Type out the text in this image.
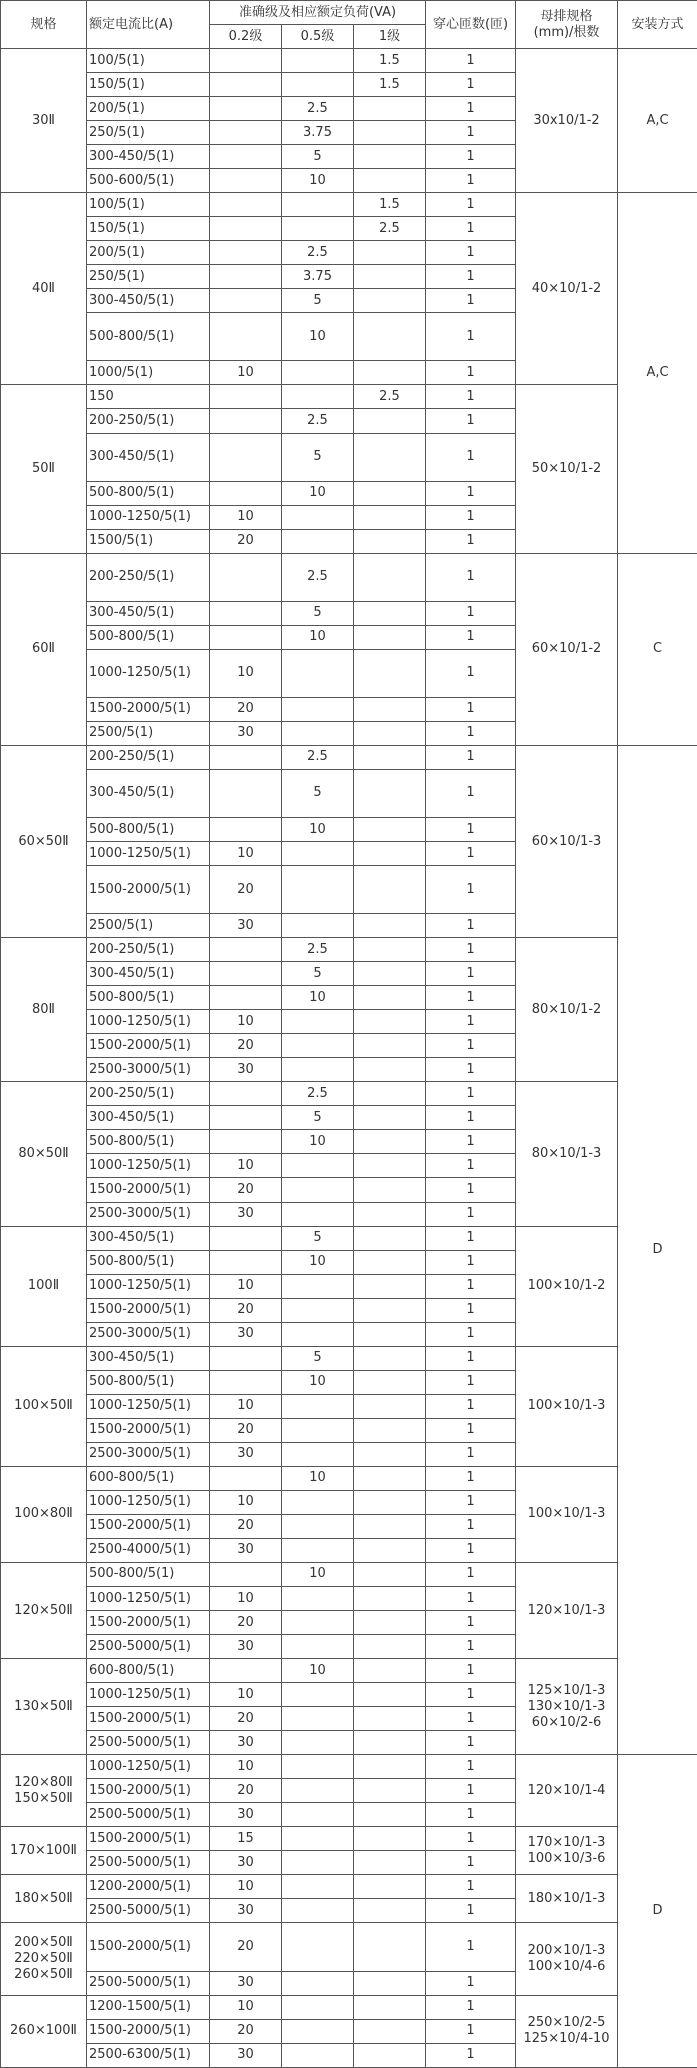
规格	额定电流比(A)	准确级及相应额定负荷(VA)			穿心匝数(匝)	母排规格
(mm)/根数	安装方式
		0.2级	0.5级	1级			

30Ⅱ	100/5(1)			1.5	1	30x10/1-2	A,C
	150/5(1)			1.5	1		
	200/5(1)		2.5		1		
	250/5(1)		3.75		1		
	300-450/5(1)		5		1		
	500-600/5(1)		10		1		

40Ⅱ	100/5(1)			1.5	1	40×10/1-2	A,C
	150/5(1)			2.5	1		
	200/5(1)		2.5		1		
	250/5(1)		3.75		1		
	300-450/5(1)		5		1		
	500-800/5(1)		10		1		
	1000/5(1)	10			1		

50Ⅱ	150			2.5	1	50×10/1-2	

	200-250/5(1)		2.5		1		
	300-450/5(1)		5		1		
	500-800/5(1)		10		1		
	1000-1250/5(1)	10			1		
	1500/5(1)	20			1		

60Ⅱ	200-250/5(1)		2.5		1	60×10/1-2	C
	300-450/5(1)		5		1		
	500-800/5(1)		10		1		
	1000-1250/5(1)	10			1		
	1500-2000/5(1)	20			1		
	2500/5(1)	30			1		

60×50Ⅱ	200-250/5(1)		2.5		1	60×10/1-3	D
	300-450/5(1)		5		1		
	500-800/5(1)		10		1		
	1000-1250/5(1)	10			1		
	1500-2000/5(1)	20			1		
	2500/5(1)	30			1		

80Ⅱ	200-250/5(1)		2.5		1	80×10/1-2	

	300-450/5(1)		5		1		
	500-800/5(1)		10		1		
	1000-1250/5(1)	10			1		
	1500-2000/5(1)	20			1		
	2500-3000/5(1)	30			1		

80×50Ⅱ	200-250/5(1)		2.5		1	80×10/1-3	

	300-450/5(1)		5		1		
	500-800/5(1)		10		1		
	1000-1250/5(1)	10			1		
	1500-2000/5(1)	20			1		
	2500-3000/5(1)	30			1		

100Ⅱ	300-450/5(1)		5		1	100×10/1-2	

	500-800/5(1)		10		1		
	1000-1250/5(1)	10			1		
	1500-2000/5(1)	20			1		
	2500-3000/5(1)	30			1		

100×50Ⅱ	300-450/5(1)		5		1	100×10/1-3	

	500-800/5(1)		10		1		
	1000-1250/5(1)	10			1		
	1500-2000/5(1)	20			1		
	2500-3000/5(1)	30			1		

100×80Ⅱ	600-800/5(1)		10		1	100×10/1-3	

	1000-1250/5(1)	10			1		
	1500-2000/5(1)	20			1		
	2500-4000/5(1)	30			1		

120×50Ⅱ	500-800/5(1)		10		1	120×10/1-3	

	1000-1250/5(1)	10			1		
	1500-2000/5(1)	20			1		
	2500-5000/5(1)	30			1		

130×50Ⅱ	600-800/5(1)		10		1	125×10/1-3
130×10/1-3
60×10/2-6	

	1000-1250/5(1)	10			1		
	1500-2000/5(1)	20			1		
	2500-5000/5(1)	30			1		

120×80Ⅱ
150×50Ⅱ	1000-1250/5(1)	10			1	120×10/1-4	D
	1500-2000/5(1)	20			1		
	2500-5000/5(1)	30			1		

170×100Ⅱ	1500-2000/5(1)	15			1	170×10/1-3
100×10/3-6	

	2500-5000/5(1)	30			1		

180×50Ⅱ	1200-2000/5(1)	10			1	180×10/1-3	

	2500-5000/5(1)	30			1		

200×50Ⅱ
220×50Ⅱ
260×50Ⅱ	1500-2000/5(1)	20			1	200×10/1-3
100×10/4-6	

	2500-5000/5(1)	30			1		

260×100Ⅱ	1200-1500/5(1)	10			1	250×10/2-5
125×10/4-10	

	1500-2000/5(1)	20			1		
	2500-6300/5(1)	30			1		
